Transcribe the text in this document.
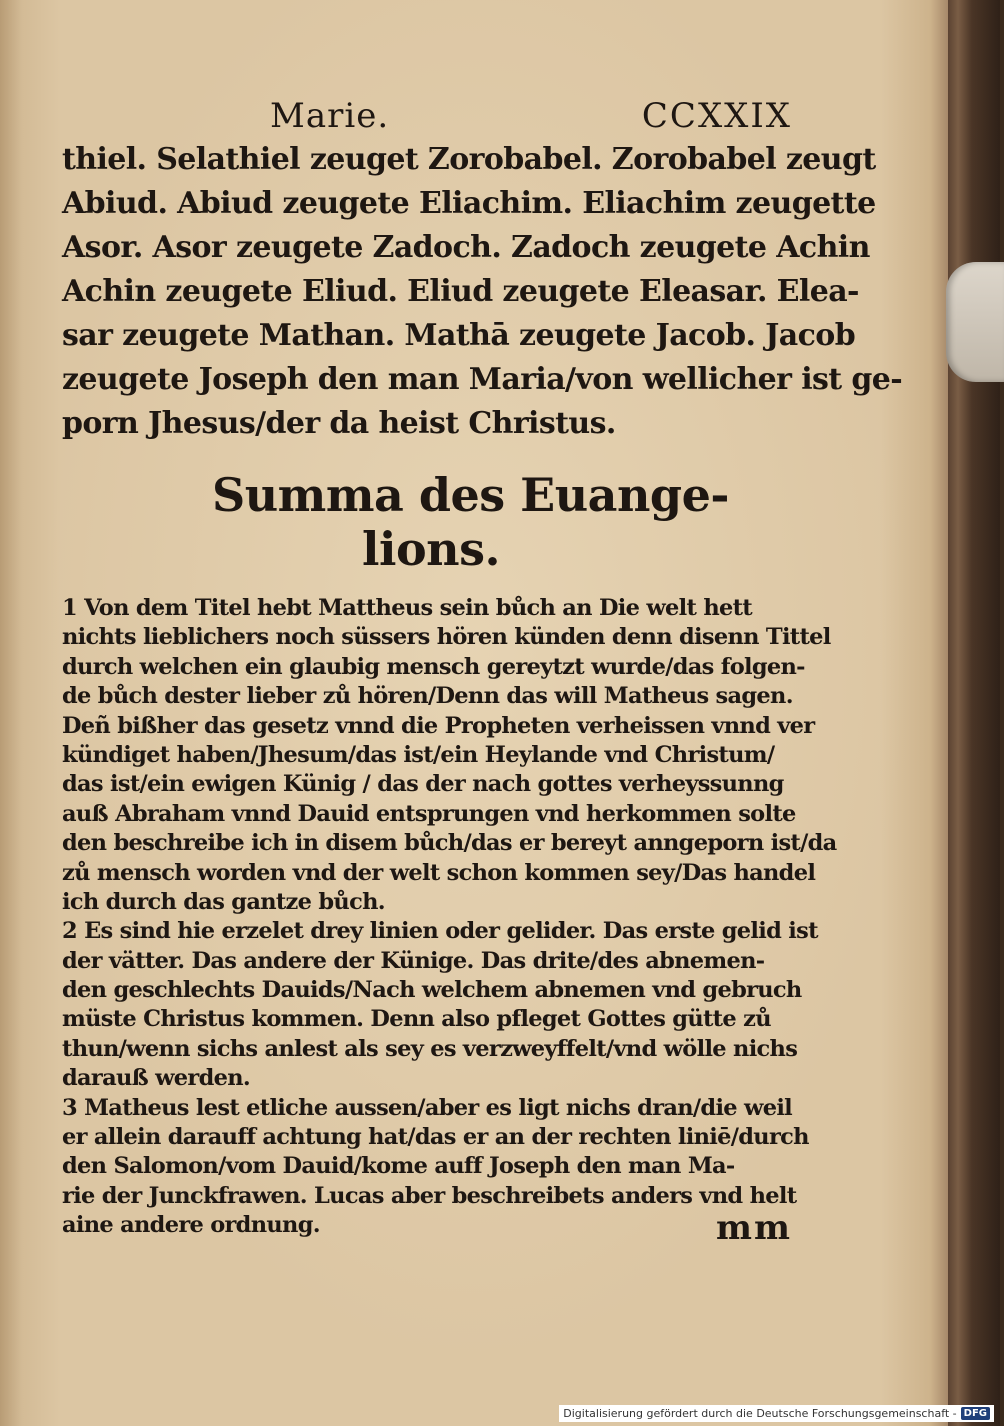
Marie.	CCXXIX
thiel. Selathiel zeuget Zorobabel. Zorobabel zeugt
Abiud. Abiud zeugete Eliachim. Eliachim zeugette
Asor. Asor zeugete Zadoch. Zadoch zeugete Achin
Achin zeugete Eliud. Eliud zeugete Eleasar. Elea-
sar zeugete Mathan. Mathā zeugete Jacob. Jacob
zeugete Joseph den man Maria/von wellicher ist ge-
porn Jhesus/der da heist Christus.
Summa des Euange-
lions.
1 Von dem Titel hebt Mattheus sein bůch an Die welt hett
nichts lieblichers noch süssers hören künden denn disenn Tittel
durch welchen ein glaubig mensch gereytzt wurde/das folgen-
de bůch dester lieber zů hören/Denn das will Matheus sagen.
Deñ bißher das gesetz vnnd die Propheten verheissen vnnd ver
kündiget haben/Jhesum/das ist/ein Heylande vnd Christum/
das ist/ein ewigen Künig / das der nach gottes verheyssunng
auß Abraham vnnd Dauid entsprungen vnd herkommen solte
den beschreibe ich in disem bůch/das er bereyt anngeporn ist/da
zů mensch worden vnd der welt schon kommen sey/Das handel
ich durch das gantze bůch.
2 Es sind hie erzelet drey linien oder gelider. Das erste gelid ist
der vätter. Das andere der Künige. Das drite/des abnemen-
den geschlechts Dauids/Nach welchem abnemen vnd gebruch
müste Christus kommen. Denn also pfleget Gottes gütte zů
thun/wenn sichs anlest als sey es verzweyffelt/vnd wölle nichs
darauß werden.
3 Matheus lest etliche aussen/aber es ligt nichs dran/die weil
er allein darauff achtung hat/das er an der rechten liniē/durch
den Salomon/vom Dauid/kome auff Joseph den man Ma-
rie der Junckfrawen. Lucas aber beschreibets anders vnd helt
aine andere ordnung.	mm
Digitalisierung gefördert durch die Deutsche Forschungsgemeinschaft - DFG
